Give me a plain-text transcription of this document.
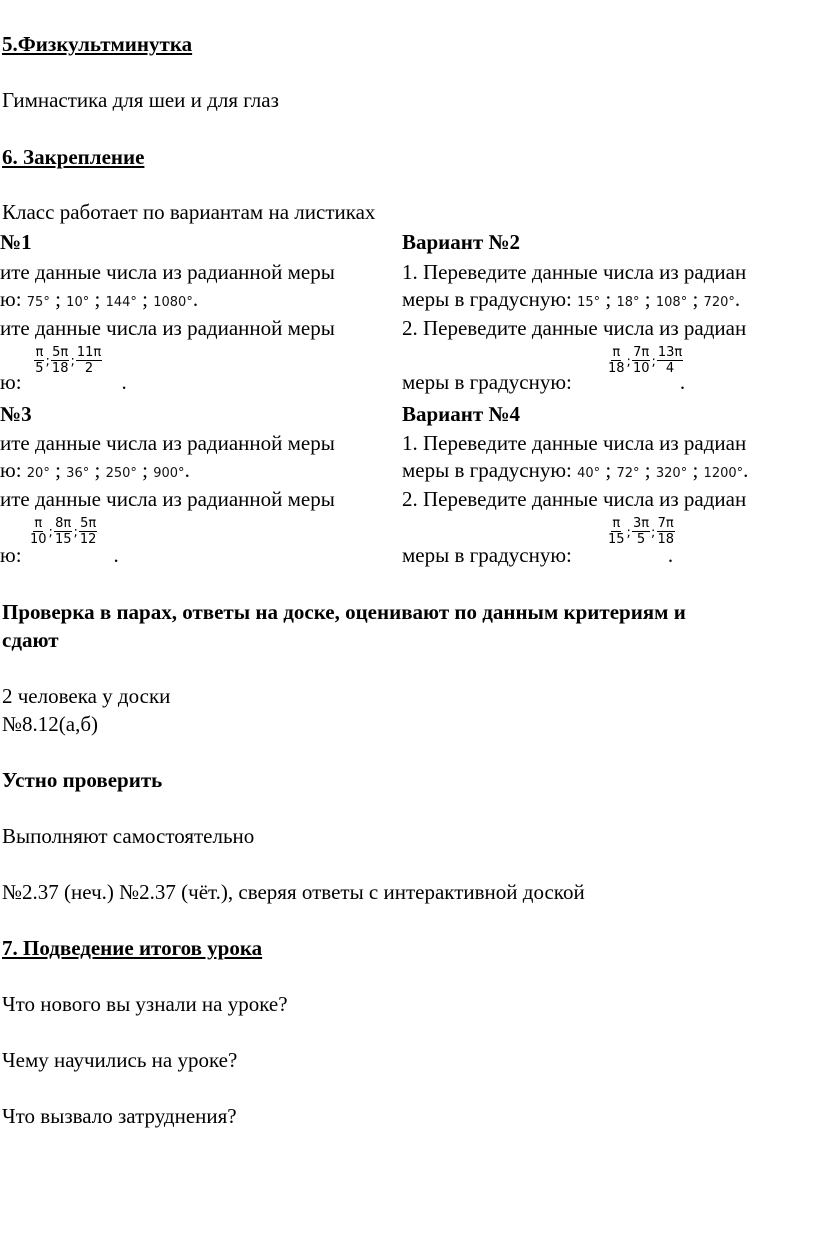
5.Физкультминутка
Гимнастика для шеи и для глаз
6. Закрепление
Класс работает по вариантам на листиках
№1
ите данные числа из радианной меры
ю: 75° ; 10° ; 144° ; 1080°.
ите данные числа из радианной меры

$\frac{\pi}{5}$ ; $\frac{5\pi}{18}$ ; $\frac{11\pi}{2}$
ю:	.
№3
ите данные числа из радианной меры
ю: 20° ; 36° ; 250° ; 900°.
ите данные числа из радианной меры
$\frac{\pi}{10}$ ; $\frac{8\pi}{15}$ ; $\frac{5\pi}{12}$
ю:	.
Вариант №2
1. Переведите данные числа из радиан
меры в градусную: 15° ; 18° ; 108° ; 720°.
2. Переведите данные числа из радиан
$\frac{\pi}{18}$ ; $\frac{7\pi}{10}$ ; $\frac{13\pi}{4}$
меры в градусную:	.
Вариант №4
1. Переведите данные числа из радиан
меры в градусную: 40° ; 72° ; 320° ; 1200°.
2. Переведите данные числа из радиан
$\frac{\pi}{15}$ ; $\frac{3\pi}{5}$ ; $\frac{7\pi}{18}$
меры в градусную:	.
Проверка в парах, ответы на доске, оценивают по данным критериям и
сдают
2 человека у доски
№8.12(а,б)
Устно проверить
Выполняют самостоятельно
№2.37 (неч.) №2.37 (чёт.), сверяя ответы с интерактивной доской
7. Подведение итогов урока
Что нового вы узнали на уроке?
Чему научились на уроке?
Что вызвало затруднения?
